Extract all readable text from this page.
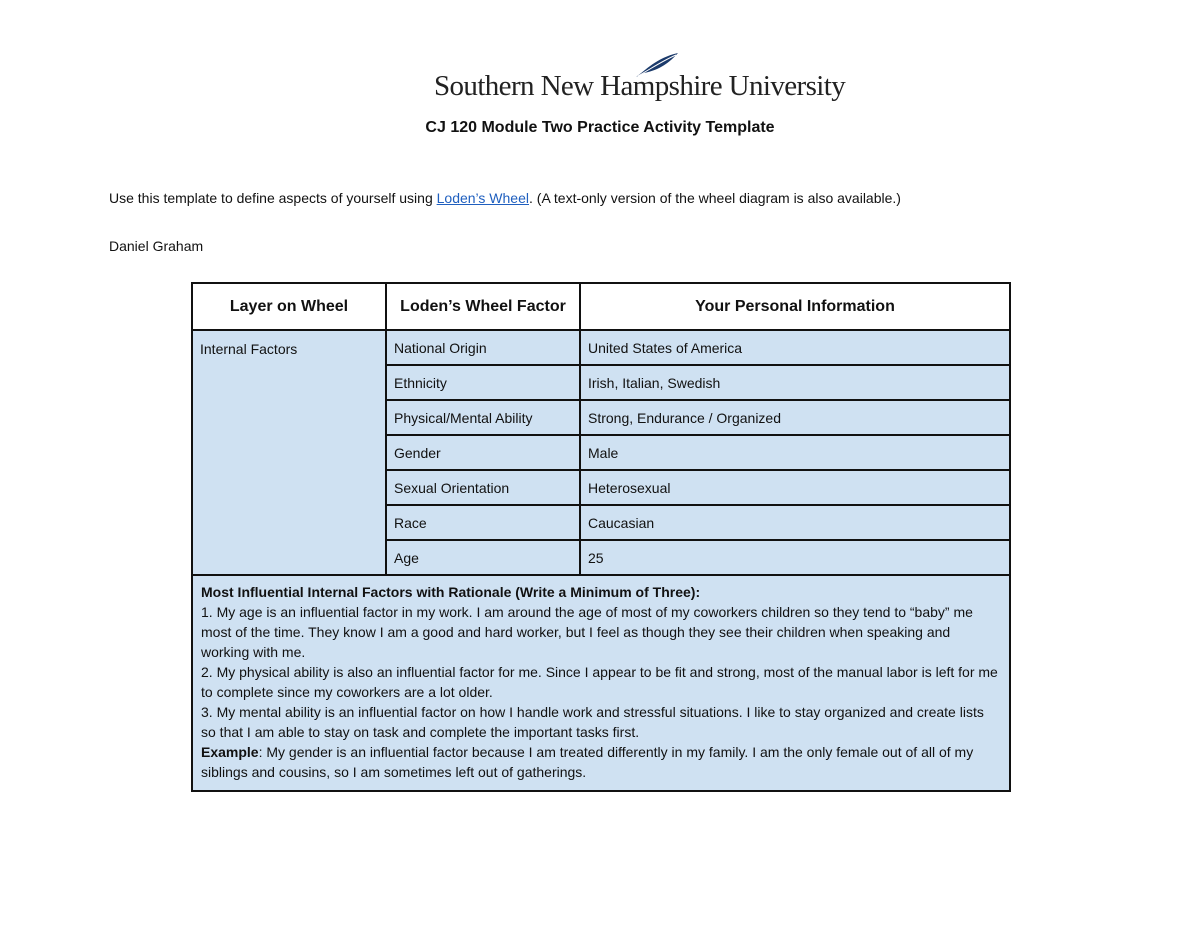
Southern New Hampshire University
CJ 120 Module Two Practice Activity Template
Use this template to define aspects of yourself using Loden’s Wheel. (A text-only version of the wheel diagram is also available.)
Daniel Graham
Layer on Wheel	Loden’s Wheel Factor	Your Personal Information
Internal Factors	National Origin	United States of America
	Ethnicity	Irish, Italian, Swedish
	Physical/Mental Ability	Strong, Endurance / Organized
	Gender	Male
	Sexual Orientation	Heterosexual
	Race	Caucasian
	Age	25

Most Influential Internal Factors with Rationale (Write a Minimum of Three):
1. My age is an influential factor in my work. I am around the age of most of my coworkers children so they tend to “baby” me most of the time. They know I am a good and hard worker, but I feel as though they see their children when speaking and working with me.
2. My physical ability is also an influential factor for me. Since I appear to be fit and strong, most of the manual labor is left for me to complete since my coworkers are a lot older.
3. My mental ability is an influential factor on how I handle work and stressful situations. I like to stay organized and create lists so that I am able to stay on task and complete the important tasks first.
Example: My gender is an influential factor because I am treated differently in my family. I am the only female out of all of my siblings and cousins, so I am sometimes left out of gatherings.		
